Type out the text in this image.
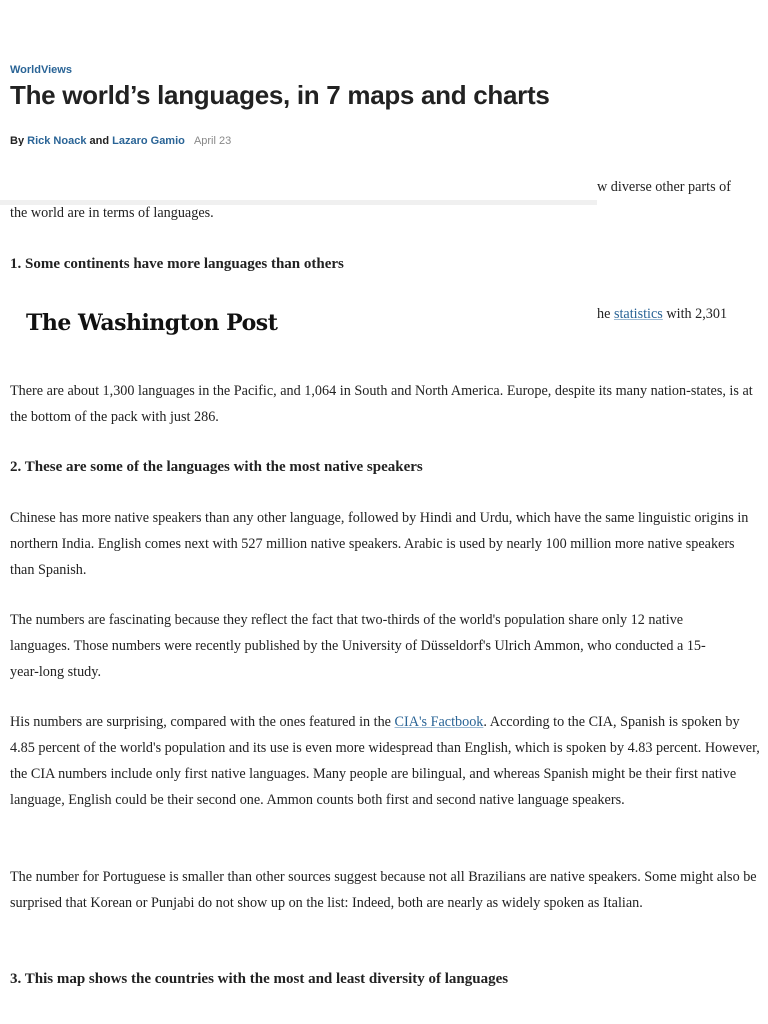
WorldViews
The world’s languages, in 7 maps and charts
By Rick Noack and Lazaro Gamio April 23
w diverse other parts of

the world are in terms of languages.

1. Some continents have more languages than others

The Washington Post	he statistics with 2,301

There are about 1,300 languages in the Pacific, and 1,064 in South and North America. Europe, despite its many nation-states, is at the bottom of the pack with just 286.

2. These are some of the languages with the most native speakers

Chinese has more native speakers than any other language, followed by Hindi and Urdu, which have the same linguistic origins in northern India. English comes next with 527 million native speakers. Arabic is used by nearly 100 million more native speakers than Spanish.

The numbers are fascinating because they reflect the fact that two-thirds of the world's population share only 12 native languages. Those numbers were recently published by the University of Düsseldorf's Ulrich Ammon, who conducted a 15-year-long study.

His numbers are surprising, compared with the ones featured in the CIA's Factbook. According to the CIA, Spanish is spoken by 4.85 percent of the world's population and its use is even more widespread than English, which is spoken by 4.83 percent. However, the CIA numbers include only first native languages. Many people are bilingual, and whereas Spanish might be their first native language, English could be their second one. Ammon counts both first and second native language speakers.

The number for Portuguese is smaller than other sources suggest because not all Brazilians are native speakers. Some might also be surprised that Korean or Punjabi do not show up on the list: Indeed, both are nearly as widely spoken as Italian.

3. This map shows the countries with the most and least diversity of languages
